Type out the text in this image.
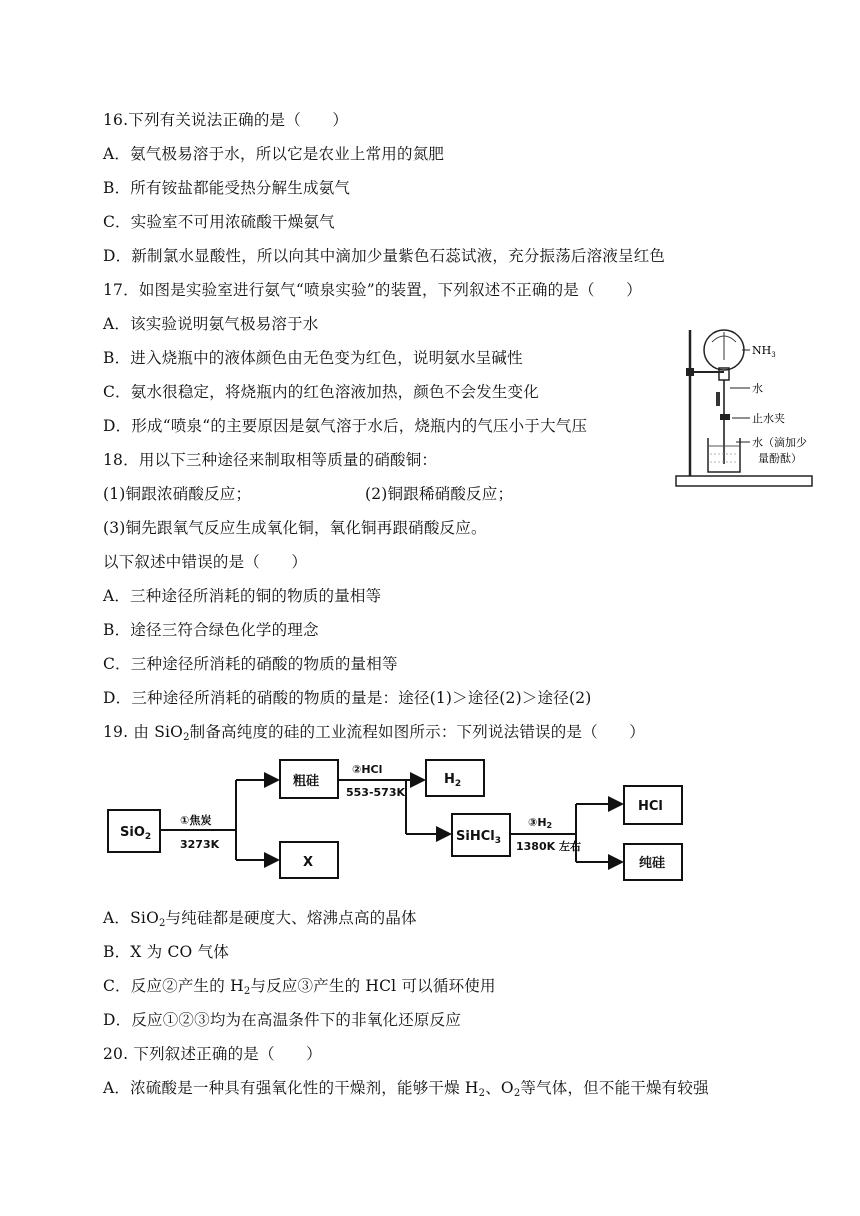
16.下列有关说法正确的是（　　）
A．氨气极易溶于水，所以它是农业上常用的氮肥
B．所有铵盐都能受热分解生成氨气
C．实验室不可用浓硫酸干燥氨气
D．新制氯水显酸性，所以向其中滴加少量紫色石蕊试液，充分振荡后溶液呈红色
17．如图是实验室进行氨气“喷泉实验”的装置，下列叙述不正确的是（　　）
A．该实验说明氨气极易溶于水
B．进入烧瓶中的液体颜色由无色变为红色，说明氨水呈碱性
C．氨水很稳定，将烧瓶内的红色溶液加热，颜色不会发生变化
D．形成“喷泉“的主要原因是氨气溶于水后，烧瓶内的气压小于大气压
$NH_3$
水
止水夹
水（滴加少
量酚酞）
18．用以下三种途径来制取相等质量的硝酸铜：
(1)铜跟浓硝酸反应；	(2)铜跟稀硝酸反应；
(3)铜先跟氧气反应生成氧化铜，氧化铜再跟硝酸反应。
以下叙述中错误的是（　　）
A．三种途径所消耗的铜的物质的量相等
B．途径三符合绿色化学的理念
C．三种途径所消耗的硝酸的物质的量相等
D．三种途径所消耗的硝酸的物质的量是：途径(1)＞途径(2)＞途径(2)
19. 由 SiO$_2$制备高纯度的硅的工业流程如图所示：下列说法错误的是（　　）
SiO$_2$
粗硅
X
$H_2$
SiHCl$_3$
HCl
纯硅
①焦炭
3273K
②HCl
553-573K
③H2
1380K 左右
A．SiO$_2$与纯硅都是硬度大、熔沸点高的晶体
B．X 为 CO 气体
C．反应②产生的 $H_2$与反应③产生的 HCl 可以循环使用
D．反应①②③均为在高温条件下的非氧化还原反应
20. 下列叙述正确的是（　　）
A．浓硫酸是一种具有强氧化性的干燥剂，能够干燥 $H_2$、$O_2$等气体，但不能干燥有较强
